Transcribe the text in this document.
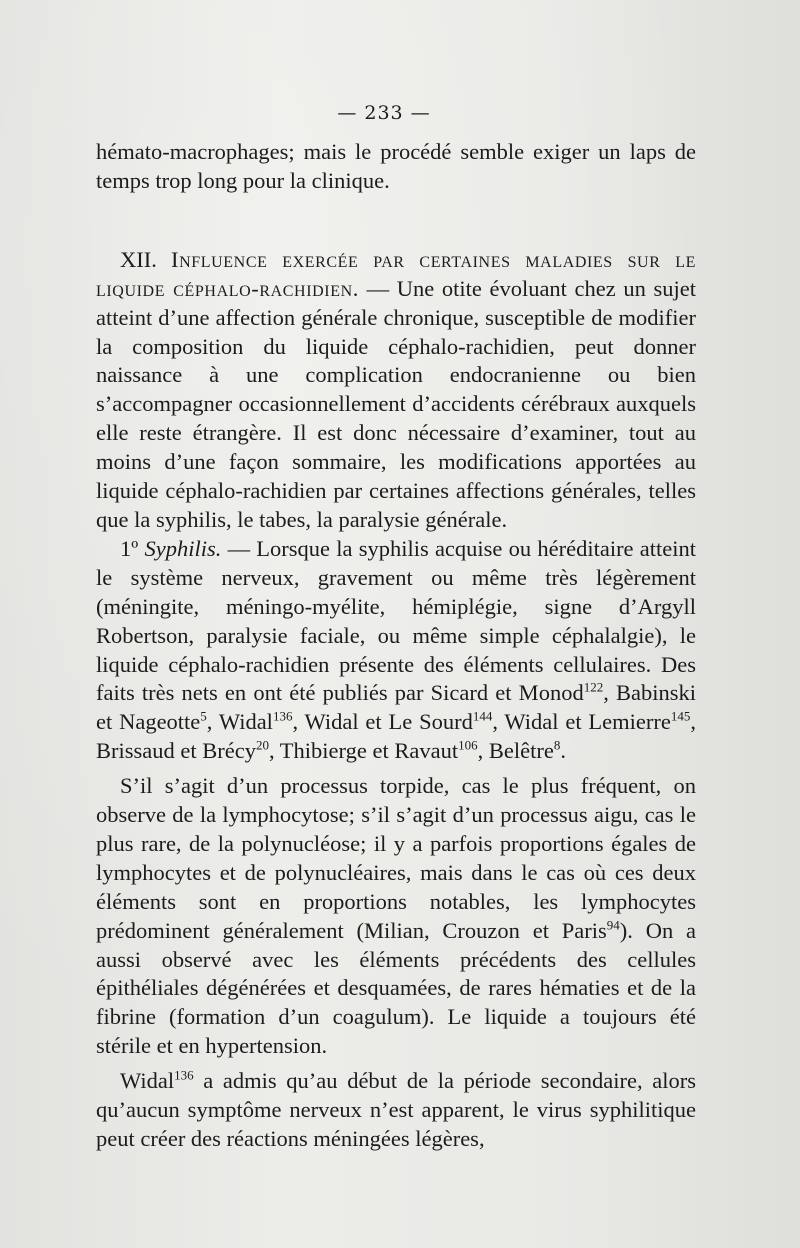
— 233 —

hémato-macrophages; mais le procédé semble exiger un laps de temps trop long pour la clinique.

XII. Influence exercée par certaines maladies sur le liquide céphalo-rachidien. — Une otite évoluant chez un sujet atteint d’une affection générale chronique, susceptible de modifier la composition du liquide céphalo-rachidien, peut donner naissance à une complication endocranienne ou bien s’accompagner occasionnellement d’accidents cérébraux auxquels elle reste étrangère. Il est donc nécessaire d’examiner, tout au moins d’une façon sommaire, les modifications apportées au liquide céphalo-rachidien par certaines affections générales, telles que la syphilis, le tabes, la paralysie générale.

1º Syphilis. — Lorsque la syphilis acquise ou héréditaire atteint le système nerveux, gravement ou même très légèrement (méningite, méningo-myélite, hémiplégie, signe d’Argyll Robertson, paralysie faciale, ou même simple céphalalgie), le liquide céphalo-rachidien présente des éléments cellulaires. Des faits très nets en ont été publiés par Sicard et Monod$^{122}$, Babinski et Nageotte$^5$, Widal$^{136}$, Widal et Le Sourd$^{144}$, Widal et Lemierre$^{145}$, Brissaud et Brécy$^{20}$, Thibierge et Ravaut$^{106}$, Belêtre$^8$.

S’il s’agit d’un processus torpide, cas le plus fréquent, on observe de la lymphocytose; s’il s’agit d’un processus aigu, cas le plus rare, de la polynucléose; il y a parfois proportions égales de lymphocytes et de polynucléaires, mais dans le cas où ces deux éléments sont en proportions notables, les lymphocytes prédominent généralement (Milian, Crouzon et Paris$^{94}$). On a aussi observé avec les éléments précédents des cellules épithéliales dégénérées et desquamées, de rares hématies et de la fibrine (formation d’un coagulum). Le liquide a toujours été stérile et en hypertension.

Widal$^{136}$ a admis qu’au début de la période secondaire, alors qu’aucun symptôme nerveux n’est apparent, le virus syphilitique peut créer des réactions méningées légères,
